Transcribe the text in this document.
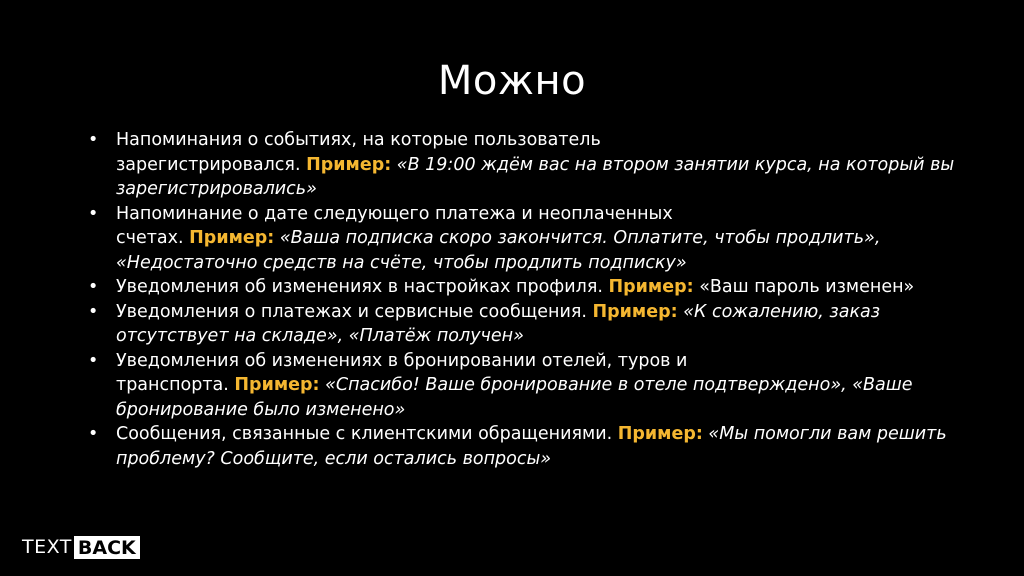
Можно
• Напоминания о событиях, на которые пользователь
зарегистрировался. Пример: «В 19:00 ждём вас на втором занятии курса, на который вы зарегистрировались»
• Напоминание о дате следующего платежа и неоплаченных
счетах. Пример: «Ваша подписка скоро закончится. Оплатите, чтобы продлить», «Недостаточно средств на счёте, чтобы продлить подписку»
• Уведомления об изменениях в настройках профиля. Пример: «Ваш пароль изменен»
• Уведомления о платежах и сервисные сообщения. Пример: «К сожалению, заказ отсутствует на складе», «Платёж получен»
• Уведомления об изменениях в бронировании отелей, туров и
транспорта. Пример: «Спасибо! Ваше бронирование в отеле подтверждено», «Ваше бронирование было изменено»
• Сообщения, связанные с клиентскими обращениями. Пример: «Мы помогли вам решить проблему? Сообщите, если остались вопросы»
TEXT BACK
